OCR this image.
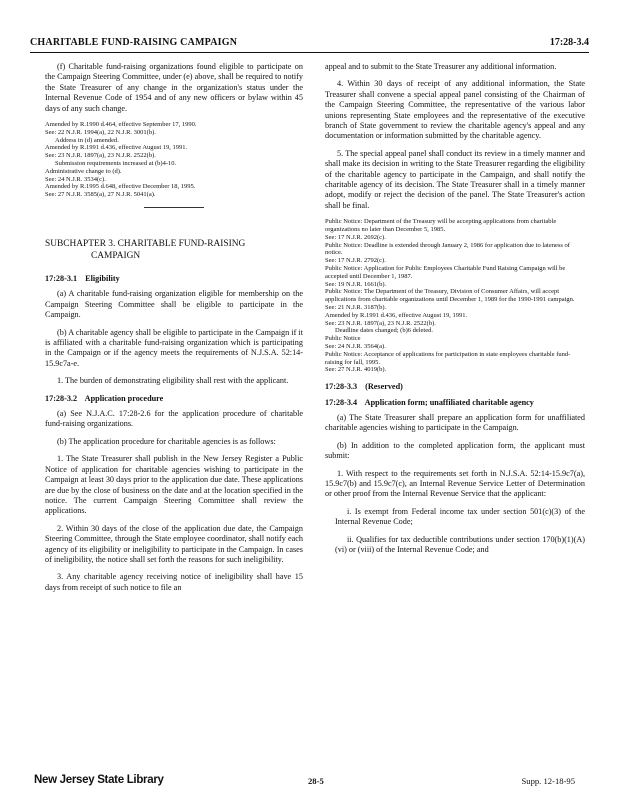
CHARITABLE FUND-RAISING CAMPAIGN	17:28-3.4

(f) Charitable fund-raising organizations found eligible to participate on the Campaign Steering Committee, under (e) above, shall be required to notify the State Treasurer of any change in the organization's status under the Internal Revenue Code of 1954 and of any new officers or bylaw within 45 days of any such change.

Amended by R.1990 d.464, effective September 17, 1990.

See: 22 N.J.R. 1994(a), 22 N.J.R. 3001(b).

Address in (d) amended.

Amended by R.1991 d.436, effective August 19, 1991.

See: 23 N.J.R. 1897(a), 23 N.J.R. 2522(b).

Submission requirements increased at (b)4-10.

Administrative change to (d).

See: 24 N.J.R. 3534(c).

Amended by R.1995 d.648, effective December 18, 1995.

See: 27 N.J.R. 3585(a), 27 N.J.R. 5041(a).

SUBCHAPTER 3. CHARITABLE FUND-RAISING
CAMPAIGN

17:28-3.1 Eligibility

(a) A charitable fund-raising organization eligible for membership on the Campaign Steering Committee shall be eligible to participate in the Campaign.

(b) A charitable agency shall be eligible to participate in the Campaign if it is affiliated with a charitable fund-raising organization which is participating in the Campaign or if the agency meets the requirements of N.J.S.A. 52:14-15.9c7a-e.

1. The burden of demonstrating eligibility shall rest with the applicant.

17:28-3.2 Application procedure

(a) See N.J.A.C. 17:28-2.6 for the application procedure of charitable fund-raising organizations.

(b) The application procedure for charitable agencies is as follows:

1. The State Treasurer shall publish in the New Jersey Register a Public Notice of application for charitable agencies wishing to participate in the Campaign at least 30 days prior to the application due date. These applications are due by the close of business on the date and at the location specified in the notice. The current Campaign Steering Committee shall review the applications.

2. Within 30 days of the close of the application due date, the Campaign Steering Committee, through the State employee coordinator, shall notify each agency of its eligibility or ineligibility to participate in the Campaign. In cases of ineligibility, the notice shall set forth the reasons for such ineligibility.

3. Any charitable agency receiving notice of ineligibility shall have 15 days from receipt of such notice to file an

appeal and to submit to the State Treasurer any additional information.

4. Within 30 days of receipt of any additional information, the State Treasurer shall convene a special appeal panel consisting of the Chairman of the Campaign Steering Committee, the representative of the various labor unions representing State employees and the representative of the executive branch of State government to review the charitable agency's appeal and any documentation or information submitted by the charitable agency.

5. The special appeal panel shall conduct its review in a timely manner and shall make its decision in writing to the State Treasurer regarding the eligibility of the charitable agency to participate in the Campaign, and shall notify the charitable agency of its decision. The State Treasurer shall in a timely manner adopt, modify or reject the decision of the panel. The State Treasurer's action shall be final.

Public Notice: Department of the Treasury will be accepting applications from charitable organizations no later than December 5, 1985.

See: 17 N.J.R. 2692(c).

Public Notice: Deadline is extended through January 2, 1986 for application due to lateness of notice.

See: 17 N.J.R. 2792(c).

Public Notice: Application for Public Employees Charitable Fund Raising Campaign will be accepted until December 1, 1987.

See: 19 N.J.R. 1661(b).

Public Notice: The Department of the Treasury, Division of Consumer Affairs, will accept applications from charitable organizations until December 1, 1989 for the 1990-1991 campaign.

See: 21 N.J.R. 3187(b).

Amended by R.1991 d.436, effective August 19, 1991.

See: 23 N.J.R. 1897(a), 23 N.J.R. 2522(b).

Deadline dates changed; (b)6 deleted.

Public Notice

See: 24 N.J.R. 3564(a).

Public Notice: Acceptance of applications for participation in state employees charitable fund-raising for fall, 1995.

See: 27 N.J.R. 4019(b).

17:28-3.3 (Reserved)

17:28-3.4 Application form; unaffiliated charitable agency

(a) The State Treasurer shall prepare an application form for unaffiliated charitable agencies wishing to participate in the Campaign.

(b) In addition to the completed application form, the applicant must submit:

1. With respect to the requirements set forth in N.J.S.A. 52:14-15.9c7(a), 15.9c7(b) and 15.9c7(c), an Internal Revenue Service Letter of Determination or other proof from the Internal Revenue Service that the applicant:

i. Is exempt from Federal income tax under section 501(c)(3) of the Internal Revenue Code;

ii. Qualifies for tax deductible contributions under section 170(b)(1)(A)(vi) or (viii) of the Internal Revenue Code; and

New Jersey State Library	28-5	Supp. 12-18-95
